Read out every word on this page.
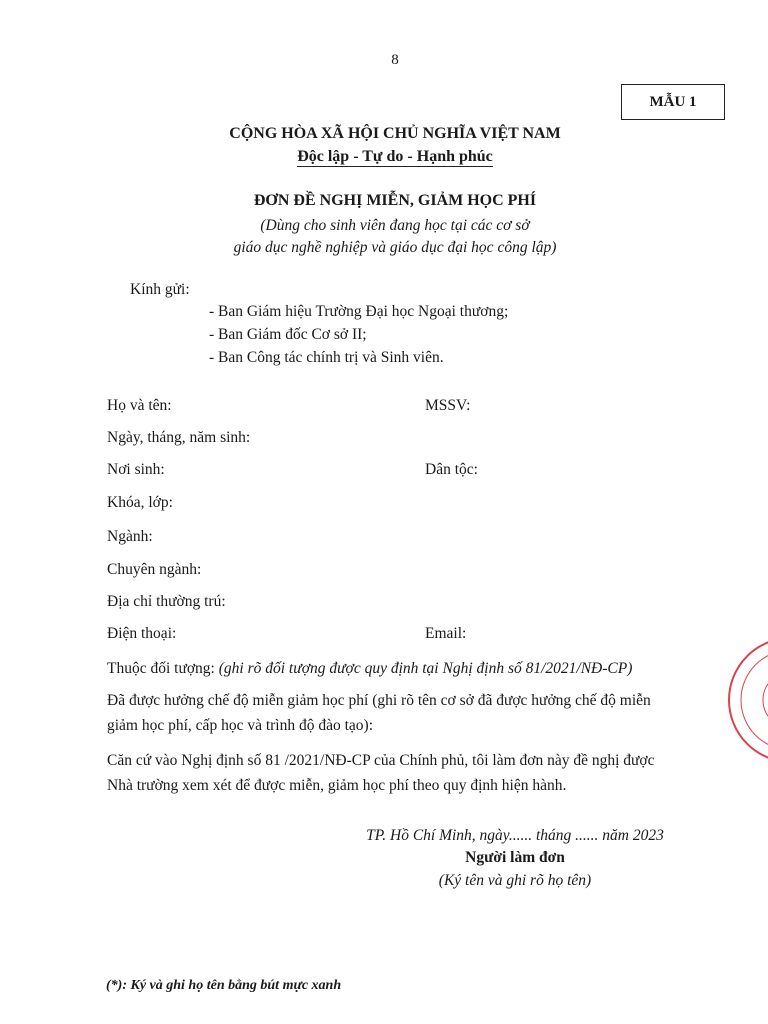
8
MẪU 1
CỘNG HÒA XÃ HỘI CHỦ NGHĨA VIỆT NAM
Độc lập - Tự do - Hạnh phúc
ĐƠN ĐỀ NGHỊ MIỄN, GIẢM HỌC PHÍ
(Dùng cho sinh viên đang học tại các cơ sở
giáo dục nghề nghiệp và giáo dục đại học công lập)
Kính gửi:
- Ban Giám hiệu Trường Đại học Ngoại thương;
- Ban Giám đốc Cơ sở II;
- Ban Công tác chính trị và Sinh viên.
Họ và tên:	MSSV:
Ngày, tháng, năm sinh:
Nơi sinh:	Dân tộc:
Khóa, lớp:
Ngành:
Chuyên ngành:
Địa chỉ thường trú:
Điện thoại:	Email:
Thuộc đối tượng: (ghi rõ đối tượng được quy định tại Nghị định số 81/2021/NĐ-CP)
Đã được hưởng chế độ miễn giảm học phí (ghi rõ tên cơ sở đã được hưởng chế độ miễn
giảm học phí, cấp học và trình độ đào tạo):
Căn cứ vào Nghị định số 81 /2021/NĐ-CP của Chính phủ, tôi làm đơn này đề nghị được
Nhà trường xem xét để được miễn, giảm học phí theo quy định hiện hành.
TP. Hồ Chí Minh, ngày...... tháng ...... năm 2023
Người làm đơn
(Ký tên và ghi rõ họ tên)
(*): Ký và ghi họ tên bằng bút mực xanh
